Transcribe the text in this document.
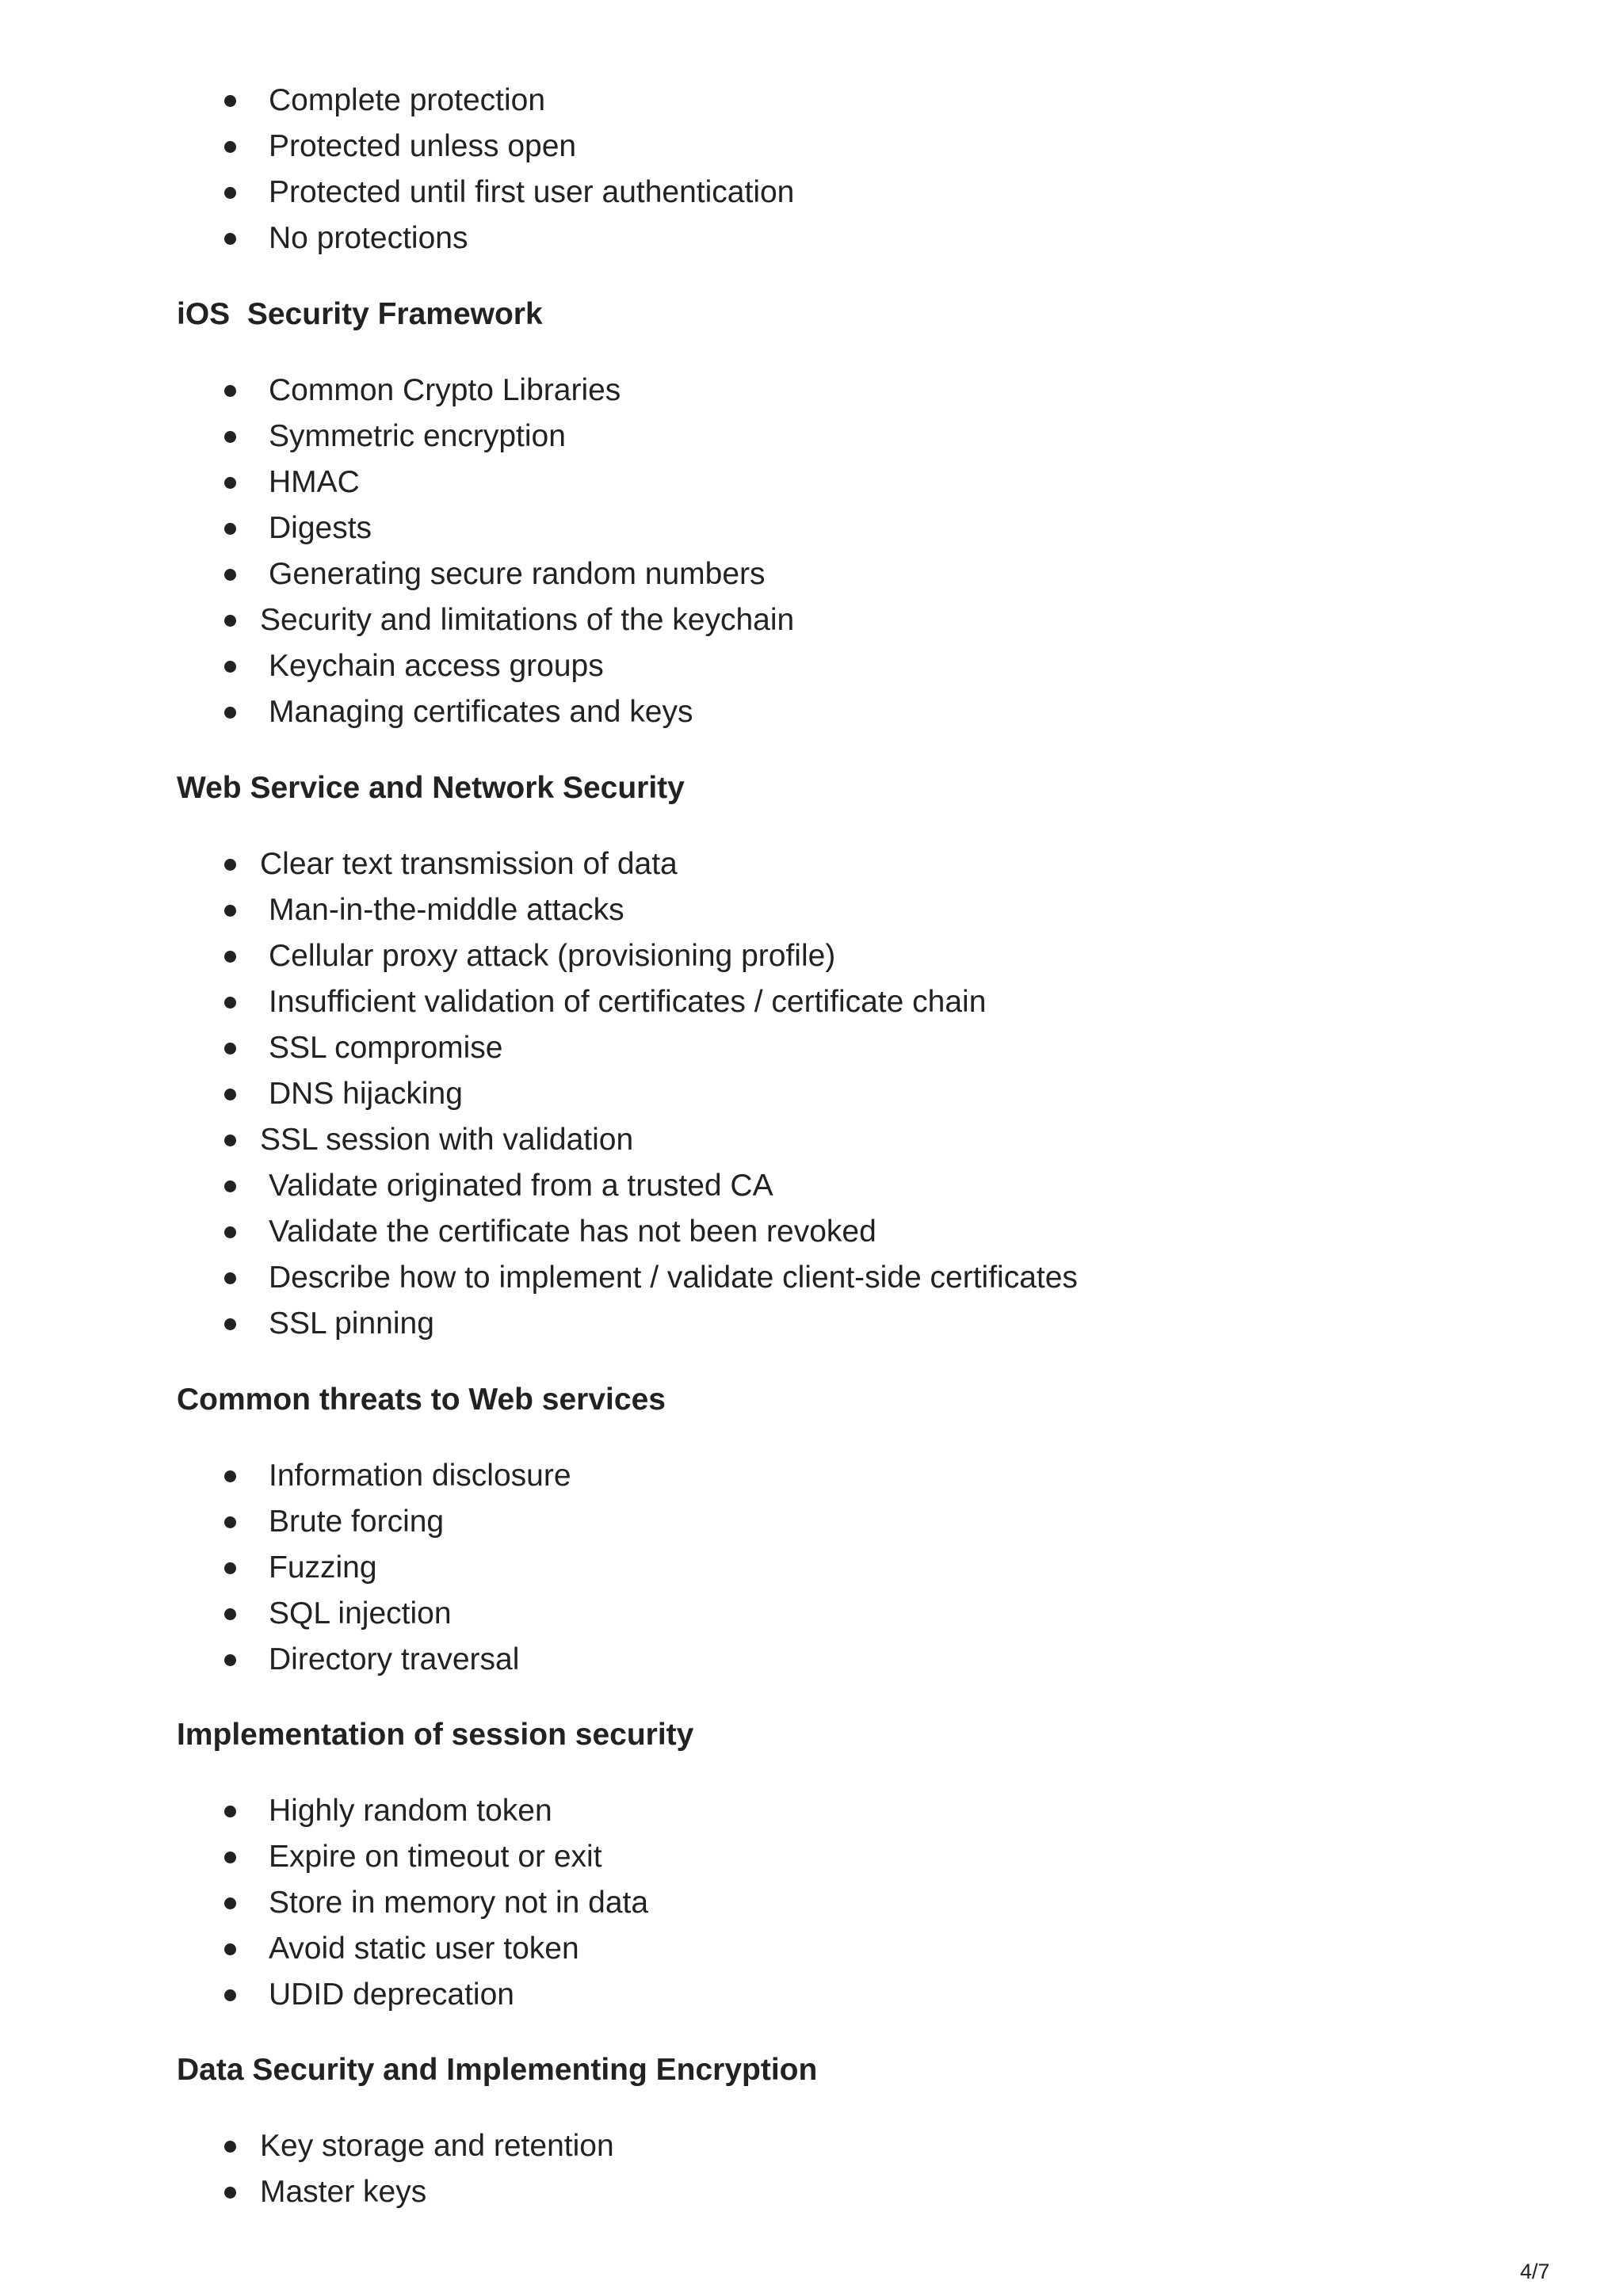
Complete protection
Protected unless open
Protected until first user authentication
No protections
iOS  Security Framework
Common Crypto Libraries
Symmetric encryption
HMAC
Digests
Generating secure random numbers
Security and limitations of the keychain
Keychain access groups
Managing certificates and keys
Web Service and Network Security
Clear text transmission of data
Man-in-the-middle attacks
Cellular proxy attack (provisioning profile)
Insufficient validation of certificates / certificate chain
SSL compromise
DNS hijacking
SSL session with validation
Validate originated from a trusted CA
Validate the certificate has not been revoked
Describe how to implement / validate client-side certificates
SSL pinning
Common threats to Web services
Information disclosure
Brute forcing
Fuzzing
SQL injection
Directory traversal
Implementation of session security
Highly random token
Expire on timeout or exit
Store in memory not in data
Avoid static user token
UDID deprecation
Data Security and Implementing Encryption
Key storage and retention
Master keys
4/7
